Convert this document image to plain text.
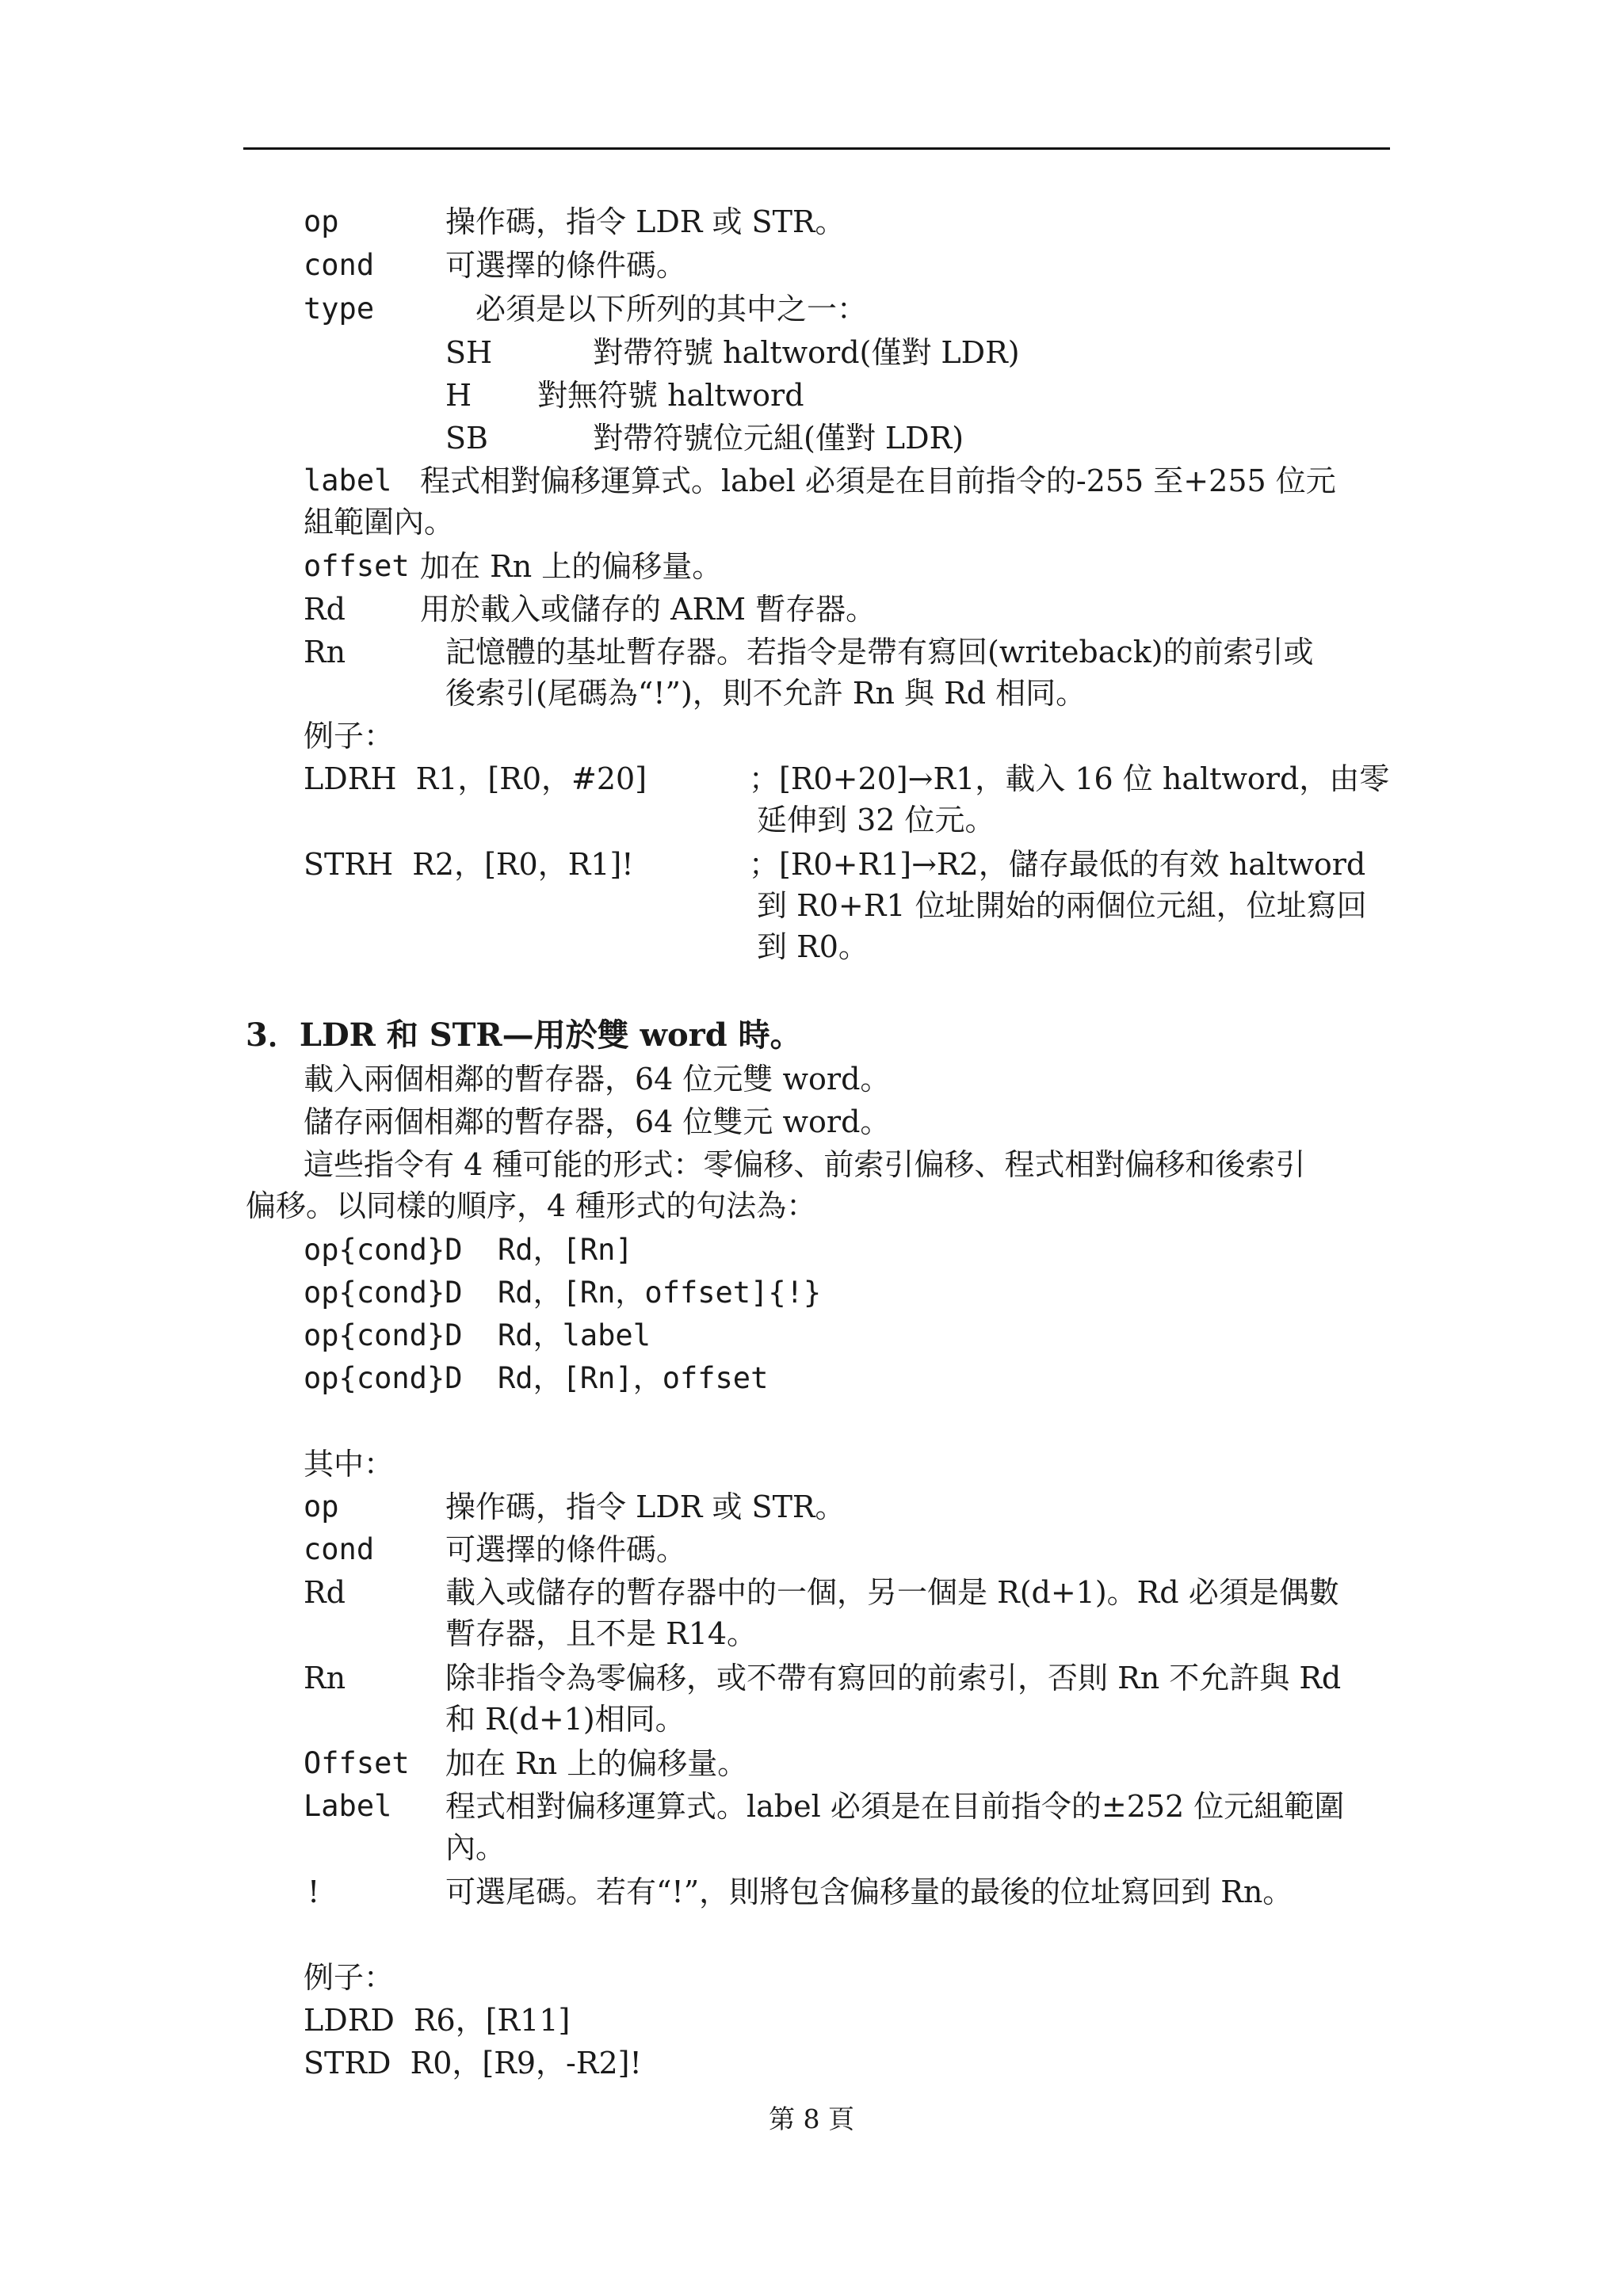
op	操作碼，指令 LDR 或 STR。
cond 可選擇的條件碼。
type	必須是以下所列的其中之一：
SH	對帶符號 haltword(僅對 LDR)
H 對無符號 haltword
SB	對帶符號位元組(僅對 LDR)
label 程式相對偏移運算式。label 必須是在目前指令的-255 至+255 位元
組範圍內。
offset 加在 Rn 上的偏移量。
Rd 用於載入或儲存的 ARM 暫存器。
Rn	記憶體的基址暫存器。若指令是帶有寫回(writeback)的前索引或
後索引(尾碼為“!”)，則不允許 Rn 與 Rd 相同。
例子：
LDRH  R1，[R0，#20]	；[R0+20]→R1，載入 16 位 haltword，由零
延伸到 32 位元。
STRH  R2，[R0，R1]!	；[R0+R1]→R2，儲存最低的有效 haltword
到 R0+R1 位址開始的兩個位元組，位址寫回
到 R0。
3．LDR 和 STR—用於雙 word 時。
載入兩個相鄰的暫存器，64 位元雙 word。
儲存兩個相鄰的暫存器，64 位雙元 word。
這些指令有 4 種可能的形式：零偏移、前索引偏移、程式相對偏移和後索引
偏移。以同樣的順序，4 種形式的句法為：
op{cond}D  Rd，[Rn]
op{cond}D  Rd，[Rn，offset]{!}
op{cond}D  Rd，label
op{cond}D  Rd，[Rn]，offset
其中：
op	操作碼，指令 LDR 或 STR。
cond 可選擇的條件碼。
Rd	載入或儲存的暫存器中的一個，另一個是 R(d+1)。Rd 必須是偶數
暫存器，且不是 R14。
Rn	除非指令為零偏移，或不帶有寫回的前索引，否則 Rn 不允許與 Rd
和 R(d+1)相同。
Offset 加在 Rn 上的偏移量。
Label 程式相對偏移運算式。label 必須是在目前指令的±252 位元組範圍
內。
!	可選尾碼。若有“!”，則將包含偏移量的最後的位址寫回到 Rn。
例子：
LDRD  R6，[R11]
STRD  R0，[R9，-R2]!
第 8 頁
